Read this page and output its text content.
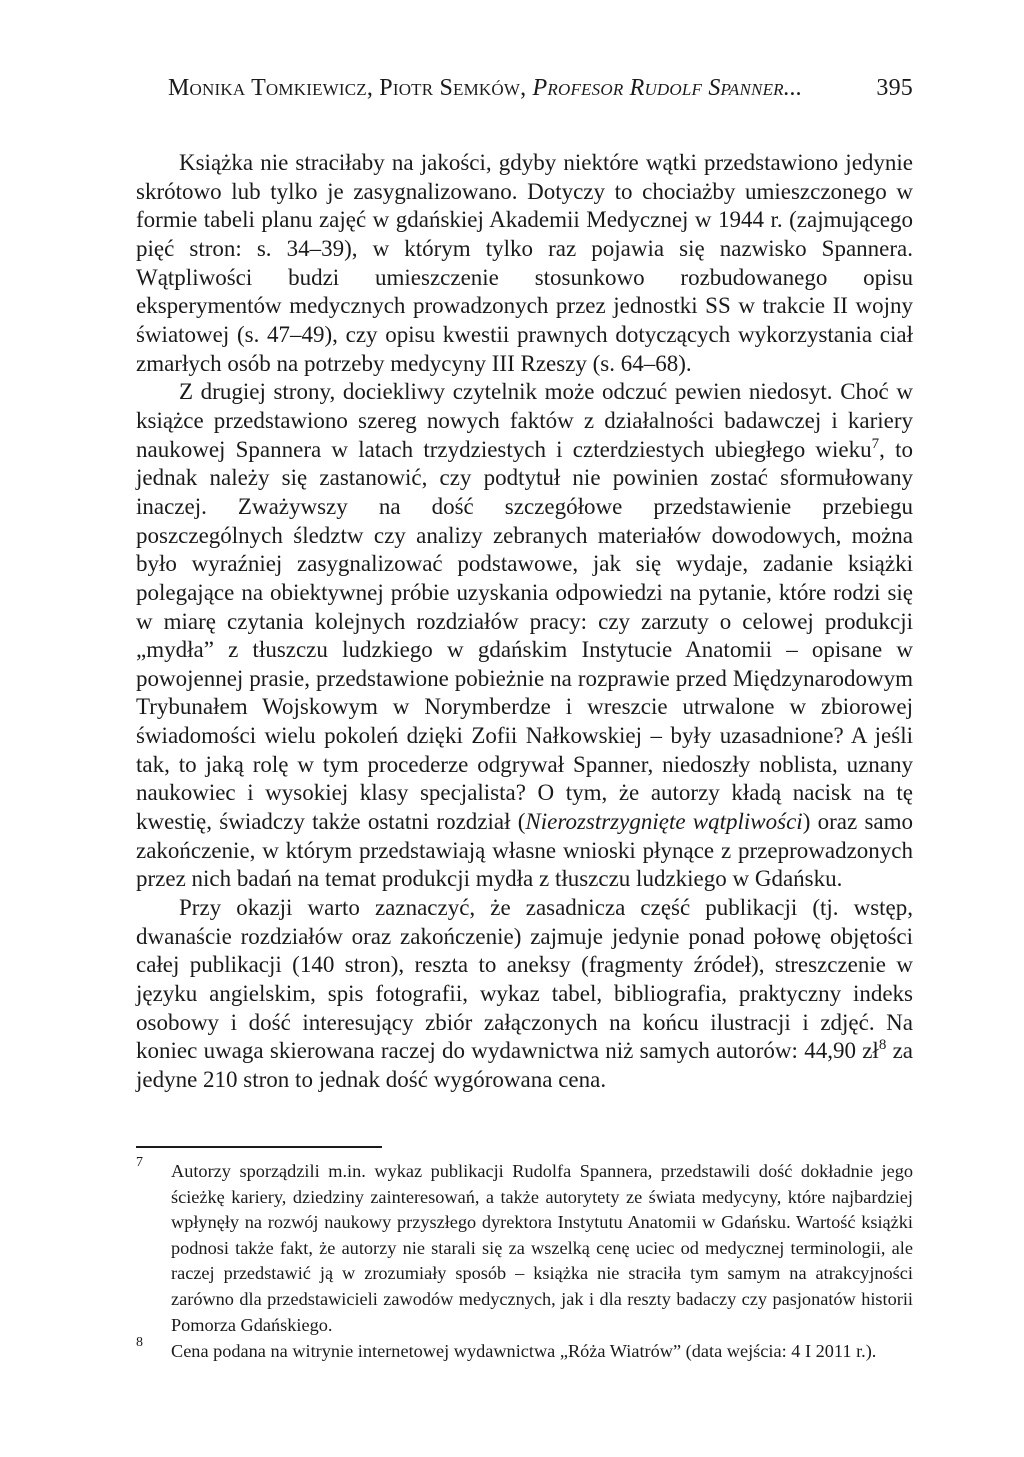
Monika Tomkiewicz, Piotr Semków, Profesor Rudolf Spanner...	395

Książka nie straciłaby na jakości, gdyby niektóre wątki przedstawiono jedynie skrótowo lub tylko je zasygnalizowano. Dotyczy to chociażby umieszczonego w formie tabeli planu zajęć w gdańskiej Akademii Medycznej w 1944 r. (zajmującego pięć stron: s. 34–39), w którym tylko raz pojawia się nazwisko Spannera. Wątpliwości budzi umieszczenie stosunkowo rozbudowanego opisu eksperymentów medycznych prowadzonych przez jednostki SS w trakcie II wojny światowej (s. 47–49), czy opisu kwestii prawnych dotyczących wykorzystania ciał zmarłych osób na potrzeby medycyny III Rzeszy (s. 64–68).

Z drugiej strony, dociekliwy czytelnik może odczuć pewien niedosyt. Choć w książce przedstawiono szereg nowych faktów z działalności badawczej i kariery naukowej Spannera w latach trzydziestych i czterdziestych ubiegłego wieku$^7$, to jednak należy się zastanowić, czy podtytuł nie powinien zostać sformułowany inaczej. Zważywszy na dość szczegółowe przedstawienie przebiegu poszczególnych śledztw czy analizy zebranych materiałów dowodowych, można było wyraźniej zasygnalizować podstawowe, jak się wydaje, zadanie książki polegające na obiektywnej próbie uzyskania odpowiedzi na pytanie, które rodzi się w miarę czytania kolejnych rozdziałów pracy: czy zarzuty o celowej produkcji „mydła” z tłuszczu ludzkiego w gdańskim Instytucie Anatomii – opisane w powojennej prasie, przedstawione pobieżnie na rozprawie przed Międzynarodowym Trybunałem Wojskowym w Norymberdze i wreszcie utrwalone w zbiorowej świadomości wielu pokoleń dzięki Zofii Nałkowskiej – były uzasadnione? A jeśli tak, to jaką rolę w tym procederze odgrywał Spanner, niedoszły noblista, uznany naukowiec i wysokiej klasy specjalista? O tym, że autorzy kładą nacisk na tę kwestię, świadczy także ostatni rozdział (Nierozstrzygnięte wątpliwości) oraz samo zakończenie, w którym przedstawiają własne wnioski płynące z przeprowadzonych przez nich badań na temat produkcji mydła z tłuszczu ludzkiego w Gdańsku.

Przy okazji warto zaznaczyć, że zasadnicza część publikacji (tj. wstęp, dwanaście rozdziałów oraz zakończenie) zajmuje jedynie ponad połowę objętości całej publikacji (140 stron), reszta to aneksy (fragmenty źródeł), streszczenie w języku angielskim, spis fotografii, wykaz tabel, bibliografia, praktyczny indeks osobowy i dość interesujący zbiór załączonych na końcu ilustracji i zdjęć. Na koniec uwaga skierowana raczej do wydawnictwa niż samych autorów: 44,90 $zł^8$ za jedyne 210 stron to jednak dość wygórowana cena.

7 Autorzy sporządzili m.in. wykaz publikacji Rudolfa Spannera, przedstawili dość dokładnie jego ścieżkę kariery, dziedziny zainteresowań, a także autorytety ze świata medycyny, które najbardziej wpłynęły na rozwój naukowy przyszłego dyrektora Instytutu Anatomii w Gdańsku. Wartość książki podnosi także fakt, że autorzy nie starali się za wszelką cenę uciec od medycznej terminologii, ale raczej przedstawić ją w zrozumiały sposób – książka nie straciła tym samym na atrakcyjności zarówno dla przedstawicieli zawodów medycznych, jak i dla reszty badaczy czy pasjonatów historii Pomorza Gdańskiego.
8 Cena podana na witrynie internetowej wydawnictwa „Róża Wiatrów” (data wejścia: 4 I 2011 r.).
